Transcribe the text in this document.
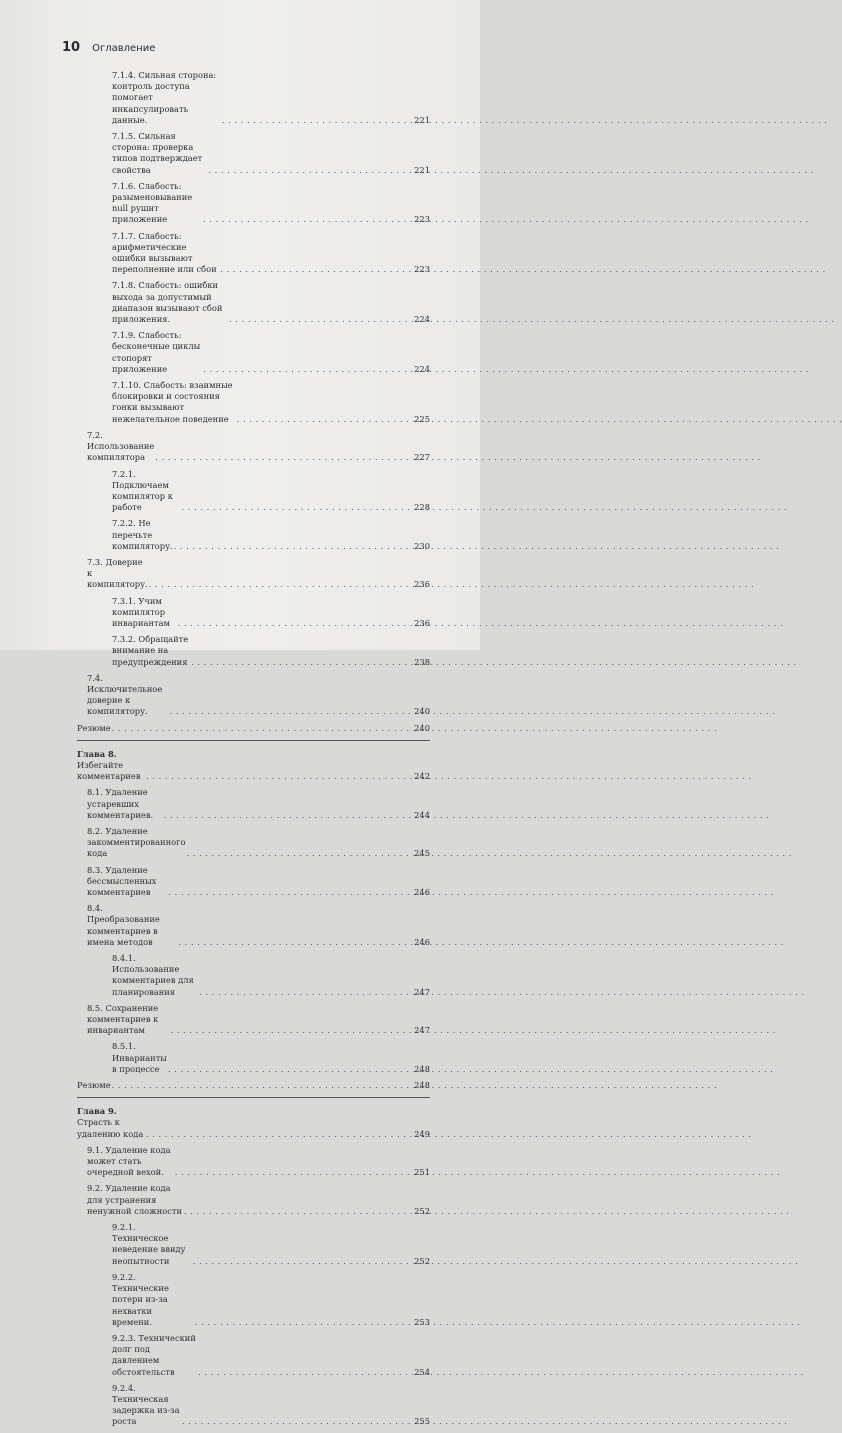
10 Оглавление
7.1.4. Сильная сторона: контроль доступа помогает инкапсулировать данные. . . .	221
7.1.5. Сильная сторона: проверка типов подтверждает свойства . . .	221
7.1.6. Слабость: разыменовывание null рушит приложение . . .	223
7.1.7. Слабость: арифметические ошибки вызывают переполнение или сбои . . .	223
7.1.8. Слабость: ошибки выхода за допустимый диапазон вызывают сбой приложения. . . .	224
7.1.9. Слабость: бесконечные циклы стопорят приложение . . .	224
7.1.10. Слабость: взаимные блокировки и состояния гонки вызывают нежелательное поведение . . .	225
7.2. Использование компилятора . . .	227
7.2.1. Подключаем компилятор к работе . . .	228
7.2.2. Не перечьте компилятору. . . .	230
7.3. Доверие к компилятору. . . .	236
7.3.1. Учим компилятор инвариантам . . .	236
7.3.2. Обращайте внимание на предупреждения . . .	238
7.4. Исключительное доверие к компилятору. . . .	240
Резюме . . .	240
Глава 8. Избегайте комментариев . . .	242
8.1. Удаление устаревших комментариев. . . .	244
8.2. Удаление закомментированного кода . . .	245
8.3. Удаление бессмысленных комментариев . . .	246
8.4. Преобразование комментариев в имена методов . . .	246
8.4.1. Использование комментариев для планирования . . .	247
8.5. Сохранение комментариев к инвариантам . . .	247
8.5.1. Инварианты в процессе . . .	248
Резюме . . .	248
Глава 9. Страсть к удалению кода . . .	249
9.1. Удаление кода может стать очередной вехой. . . .	251
9.2. Удаление кода для устранения ненужной сложности . . .	252
9.2.1. Техническое неведение ввиду неопытности . . .	252
9.2.2. Технические потери из-за нехватки времени. . . .	253
9.2.3. Технический долг под давлением обстоятельств . . .	254
9.2.4. Техническая задержка из-за роста . . .	255
